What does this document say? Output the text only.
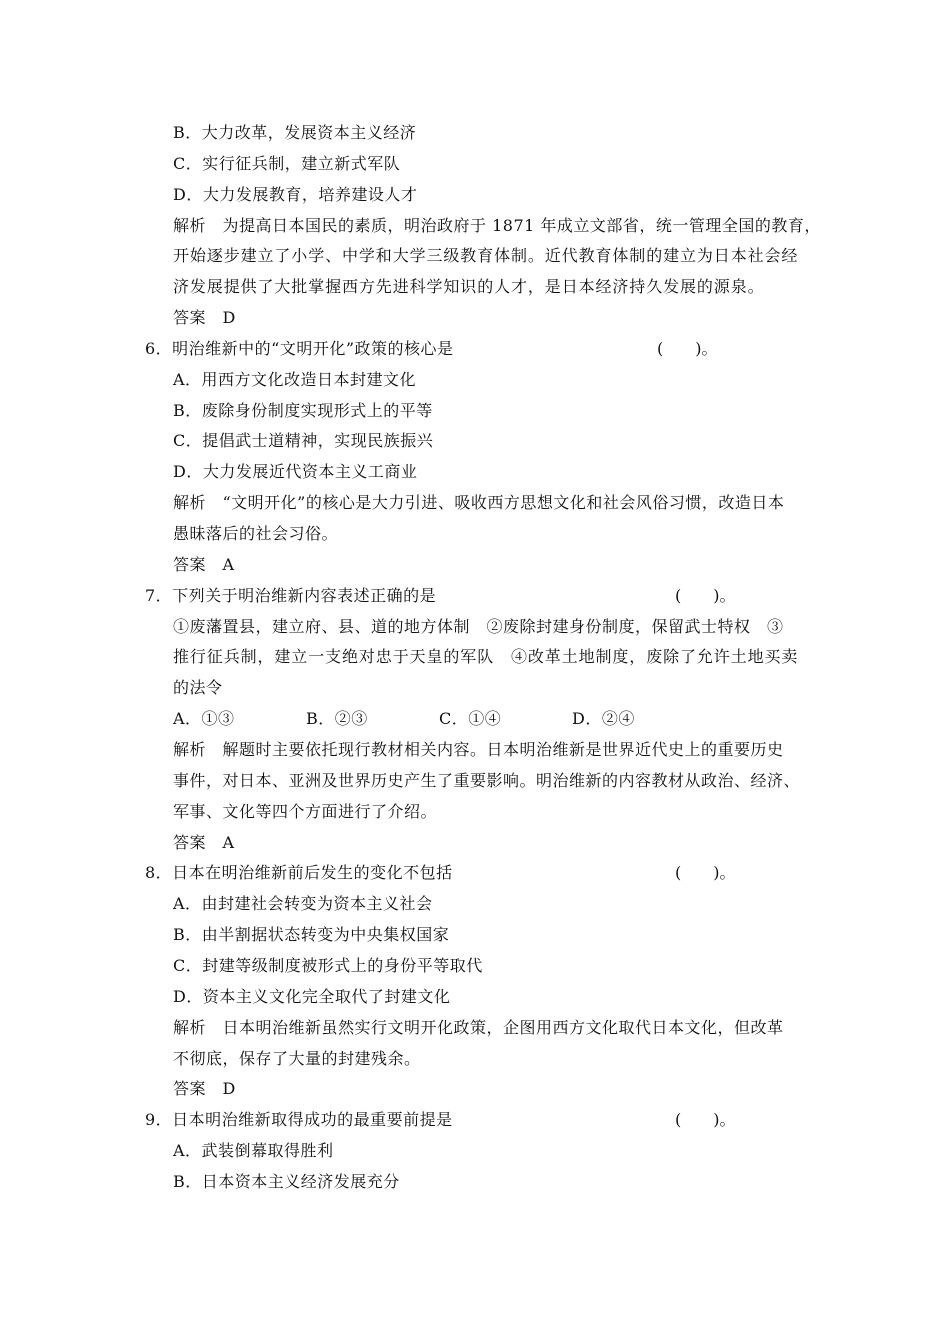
B．大力改革，发展资本主义经济
C．实行征兵制，建立新式军队
D．大力发展教育，培养建设人才
解析　为提高日本国民的素质，明治政府于 1871 年成立文部省，统一管理全国的教育，
开始逐步建立了小学、中学和大学三级教育体制。近代教育体制的建立为日本社会经
济发展提供了大批掌握西方先进科学知识的人才，是日本经济持久发展的源泉。
答案　D
6．明治维新中的“文明开化”政策的核心是	(　　)。
A．用西方文化改造日本封建文化
B．废除身份制度实现形式上的平等
C．提倡武士道精神，实现民族振兴
D．大力发展近代资本主义工商业
解析　“文明开化”的核心是大力引进、吸收西方思想文化和社会风俗习惯，改造日本
愚昧落后的社会习俗。
答案　A
7．下列关于明治维新内容表述正确的是	(　　)。
①废藩置县，建立府、县、道的地方体制　②废除封建身份制度，保留武士特权　③
推行征兵制，建立一支绝对忠于天皇的军队　④改革土地制度，废除了允许土地买卖
的法令
A．①③	B．②③	C．①④	D．②④
解析　解题时主要依托现行教材相关内容。日本明治维新是世界近代史上的重要历史
事件，对日本、亚洲及世界历史产生了重要影响。明治维新的内容教材从政治、经济、
军事、文化等四个方面进行了介绍。
答案　A
8．日本在明治维新前后发生的变化不包括	(　　)。
A．由封建社会转变为资本主义社会
B．由半割据状态转变为中央集权国家
C．封建等级制度被形式上的身份平等取代
D．资本主义文化完全取代了封建文化
解析　日本明治维新虽然实行文明开化政策，企图用西方文化取代日本文化，但改革
不彻底，保存了大量的封建残余。
答案　D
9．日本明治维新取得成功的最重要前提是	(　　)。
A．武装倒幕取得胜利
B．日本资本主义经济发展充分
